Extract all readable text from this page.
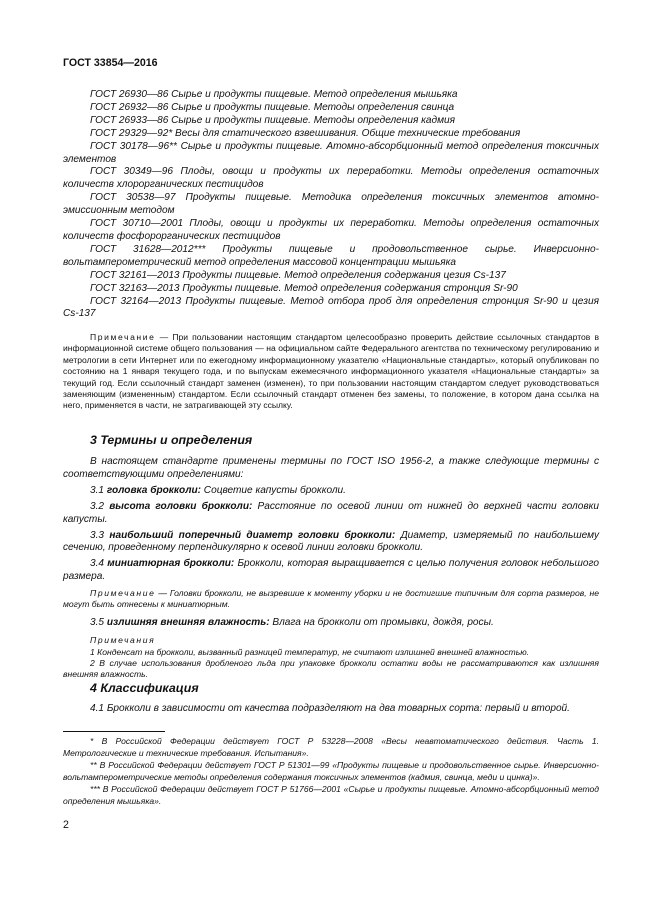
ГОСТ 33854—2016

ГОСТ 26930—86 Сырье и продукты пищевые. Метод определения мышьяка

ГОСТ 26932—86 Сырье и продукты пищевые. Методы определения свинца

ГОСТ 26933—86 Сырье и продукты пищевые. Методы определения кадмия

ГОСТ 29329—92* Весы для статического взвешивания. Общие технические требования

ГОСТ 30178—96** Сырье и продукты пищевые. Атомно-абсорбционный метод определения токсичных элементов

ГОСТ 30349—96 Плоды, овощи и продукты их переработки. Методы определения остаточных количеств хлорорганических пестицидов

ГОСТ 30538—97 Продукты пищевые. Методика определения токсичных элементов атомно-эмиссионным методом

ГОСТ 30710—2001 Плоды, овощи и продукты их переработки. Методы определения остаточных количеств фосфорорганических пестицидов

ГОСТ 31628—2012*** Продукты пищевые и продовольственное сырье. Инверсионно-вольтамперометрический метод определения массовой концентрации мышьяка

ГОСТ 32161—2013 Продукты пищевые. Метод определения содержания цезия Cs-137

ГОСТ 32163—2013 Продукты пищевые. Метод определения содержания стронция Sr-90

ГОСТ 32164—2013 Продукты пищевые. Метод отбора проб для определения стронция Sr-90 и цезия Cs-137

Примечание — При пользовании настоящим стандартом целесообразно проверить действие ссылочных стандартов в информационной системе общего пользования — на официальном сайте Федерального агентства по техническому регулированию и метрологии в сети Интернет или по ежегодному информационному указателю «Национальные стандарты», который опубликован по состоянию на 1 января текущего года, и по выпускам ежемесячного информационного указателя «Национальные стандарты» за текущий год. Если ссылочный стандарт заменен (изменен), то при пользовании настоящим стандартом следует руководствоваться заменяющим (измененным) стандартом. Если ссылочный стандарт отменен без замены, то положение, в котором дана ссылка на него, применяется в части, не затрагивающей эту ссылку.

3 Термины и определения

В настоящем стандарте применены термины по ГОСТ ISO 1956-2, а также следующие термины с соответствующими определениями:

3.1 головка брокколи: Соцветие капусты брокколи.

3.2 высота головки брокколи: Расстояние по осевой линии от нижней до верхней части головки капусты.

3.3 наибольший поперечный диаметр головки брокколи: Диаметр, измеряемый по наибольшему сечению, проведенному перпендикулярно к осевой линии головки брокколи.

3.4 миниатюрная брокколи: Брокколи, которая выращивается с целью получения головок небольшого размера.

Примечание — Головки брокколи, не вызревшие к моменту уборки и не достигшие типичным для сорта размеров, не могут быть отнесены к миниатюрным.

3.5 излишняя внешняя влажность: Влага на брокколи от промывки, дождя, росы.

Примечания

1 Конденсат на брокколи, вызванный разницей температур, не считают излишней внешней влажностью.

2 В случае использования дробленого льда при упаковке брокколи остатки воды не рассматриваются как излишняя внешняя влажность.

4 Классификация

4.1 Брокколи в зависимости от качества подразделяют на два товарных сорта: первый и второй.

* В Российской Федерации действует ГОСТ Р 53228—2008 «Весы неавтоматического действия. Часть 1. Метрологические и технические требования. Испытания».

** В Российской Федерации действует ГОСТ Р 51301—99 «Продукты пищевые и продовольственное сырье. Инверсионно-вольтамперометрические методы определения содержания токсичных элементов (кадмия, свинца, меди и цинка)».

*** В Российской Федерации действует ГОСТ Р 51766—2001 «Сырье и продукты пищевые. Атомно-абсорбционный метод определения мышьяка».

2
